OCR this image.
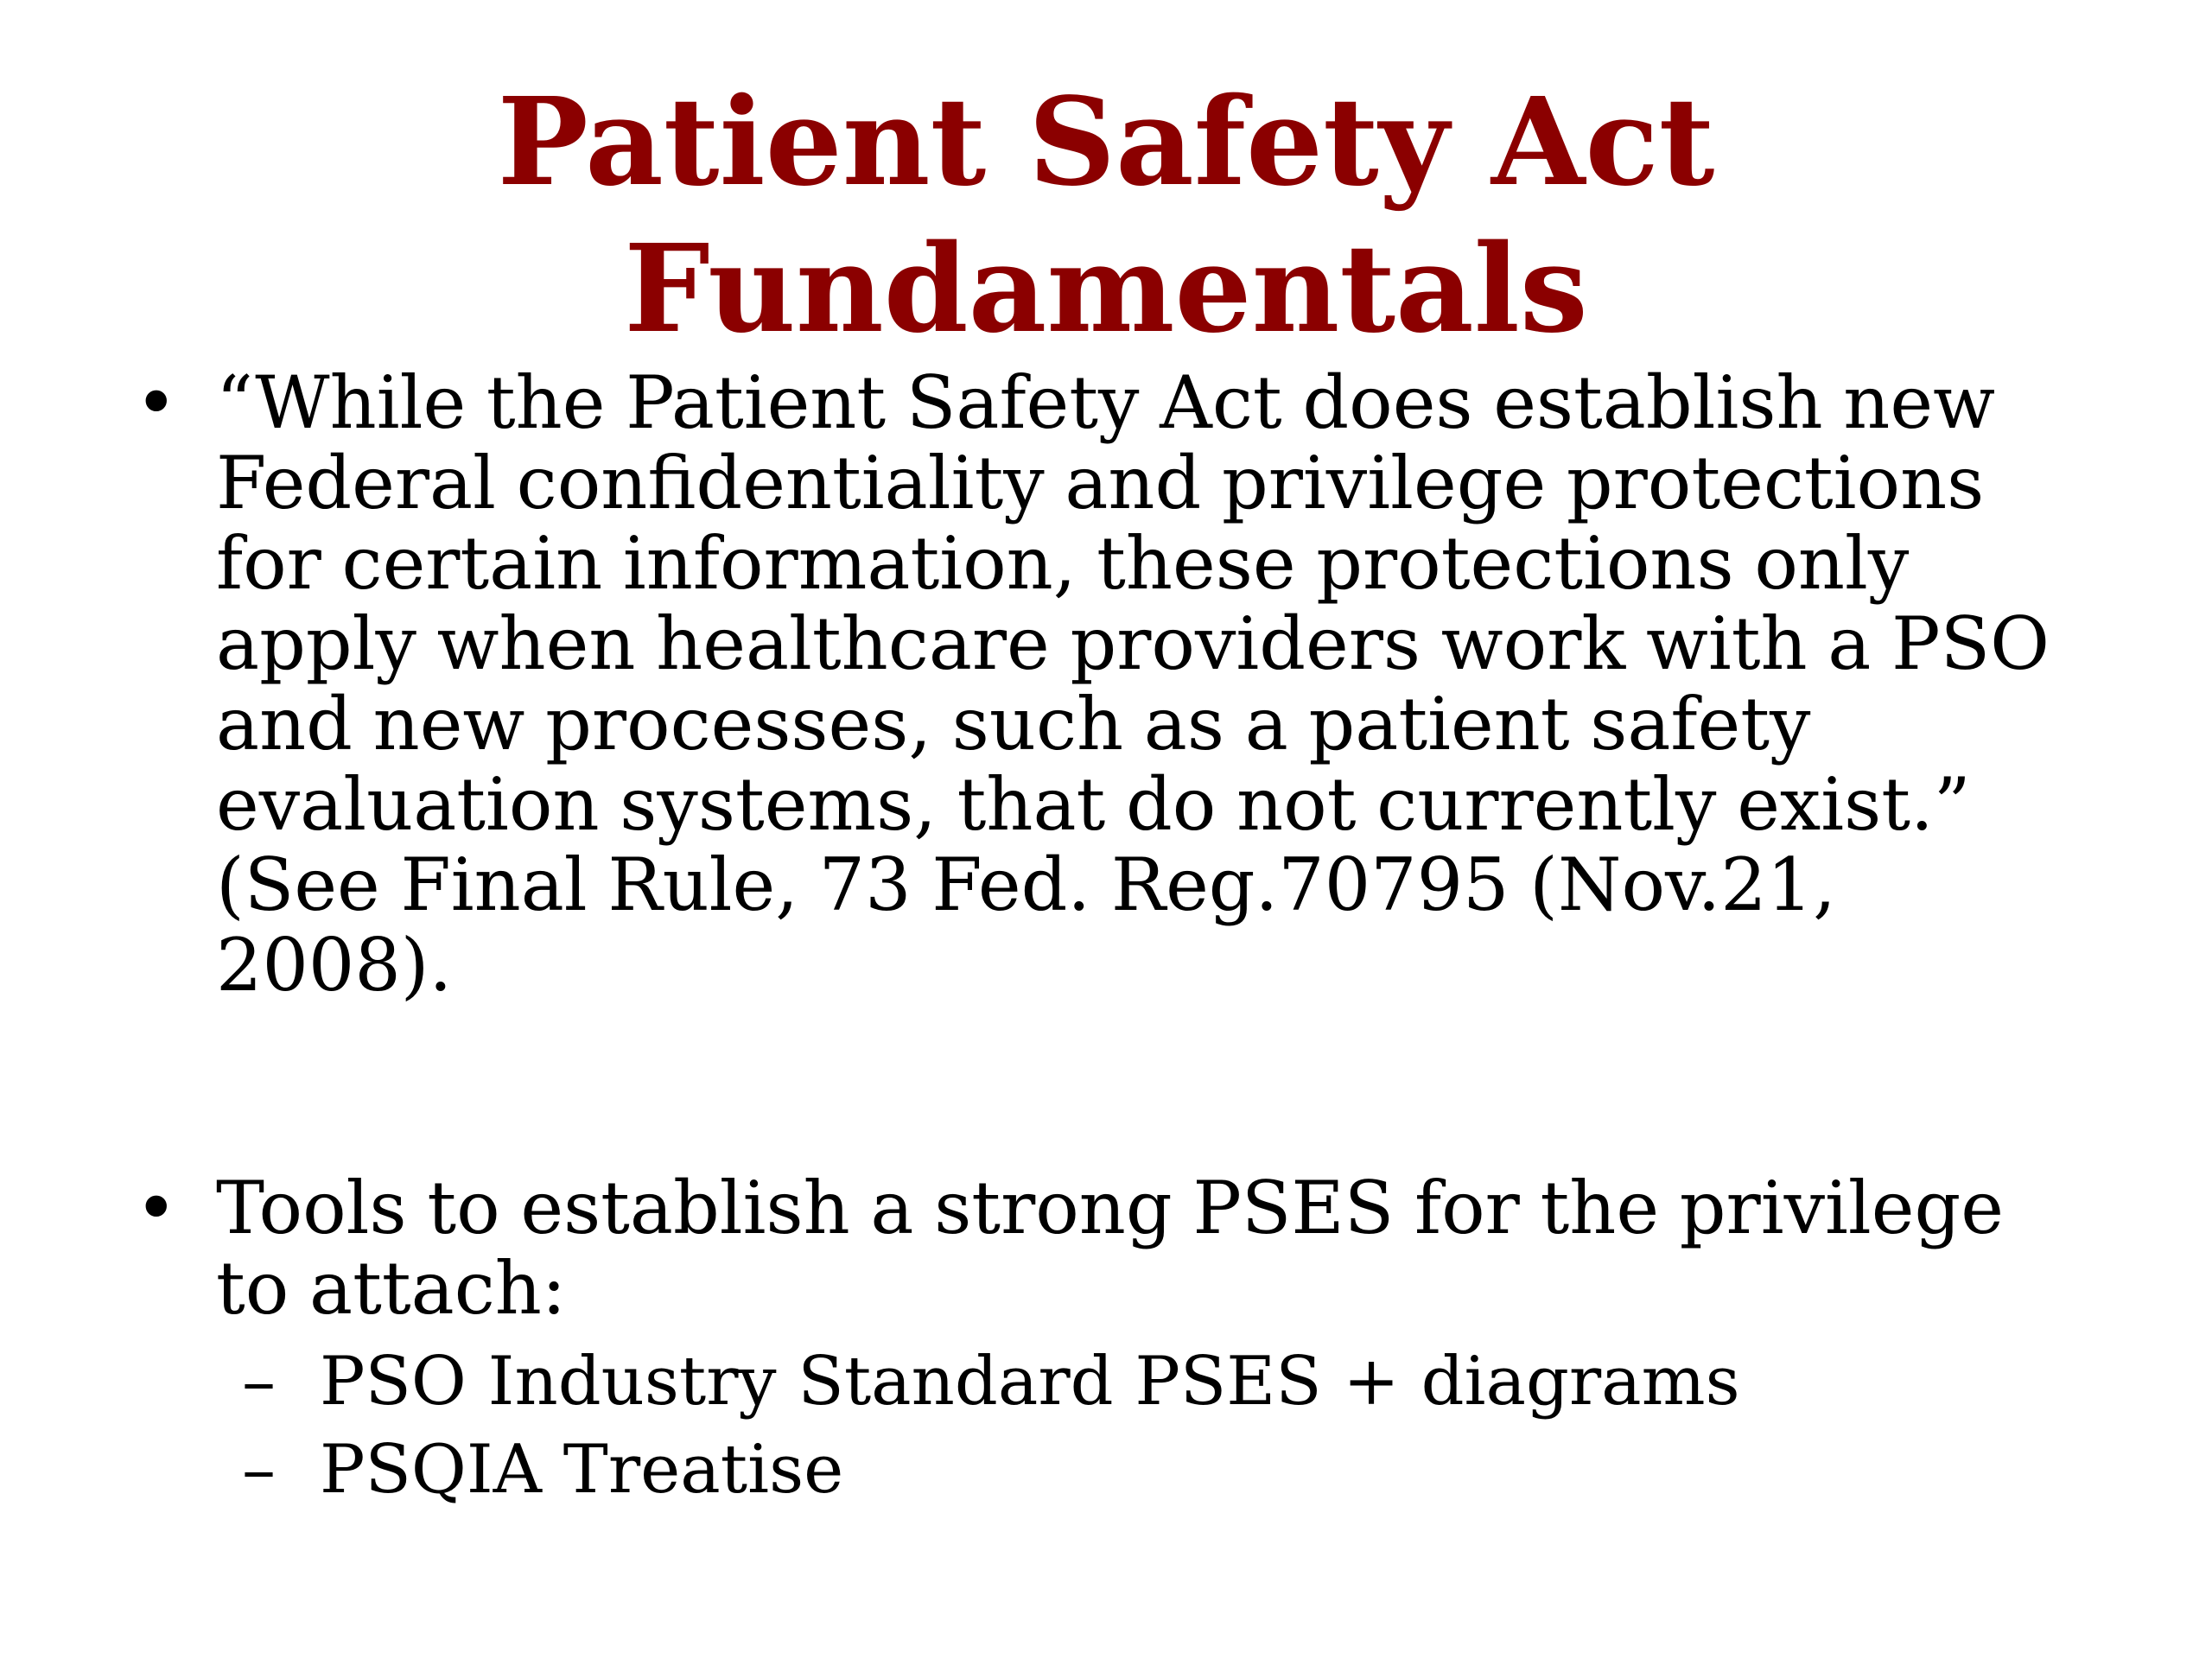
Patient Safety Act
Fundamentals
• “While the Patient Safety Act does establish new
Federal confidentiality and privilege protections
for certain information, these protections only
apply when healthcare providers work with a PSO
and new processes, such as a patient safety
evaluation systems, that do not currently exist.”
(See Final Rule, 73 Fed. Reg.70795 (Nov.21,
2008).
• Tools to establish a strong PSES for the privilege
to attach:
– PSO Industry Standard PSES + diagrams
– PSQIA Treatise
